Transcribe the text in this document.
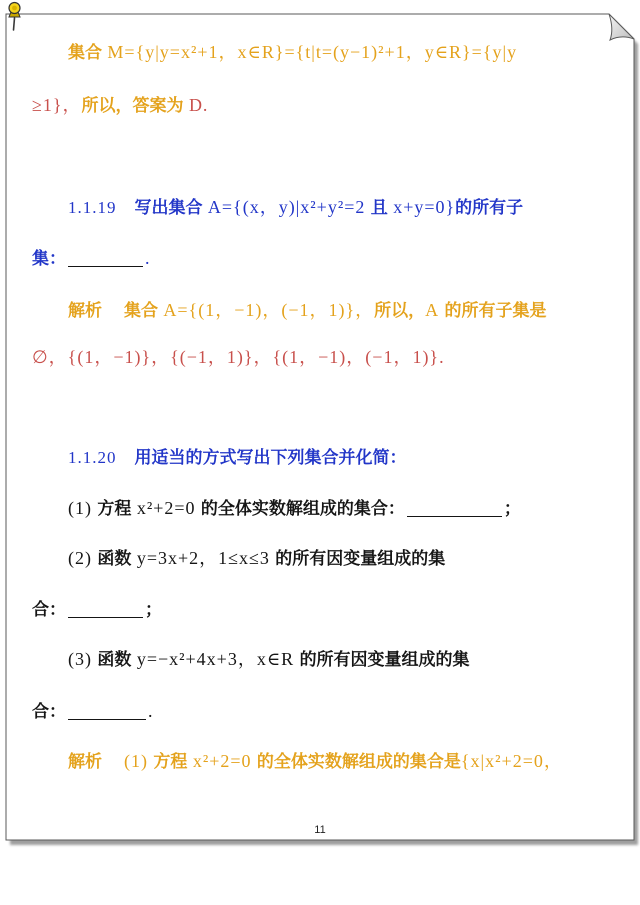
集合 M={y|y=x²+1，x∈R}={t|t=(y−1)²+1，y∈R}={y|y
≥1}，所以，答案为 D.
1.1.19 写出集合 A={(x，y)|x²+y²=2 且 x+y=0}的所有子
集：	.
解析 集合 A={(1，−1)，(−1，1)}，所以，A 的所有子集是
∅，{(1，−1)}，{(−1，1)}，{(1，−1)，(−1，1)}.
1.1.20 用适当的方式写出下列集合并化简：
(1) 方程 x²+2=0 的全体实数解组成的集合：	；
(2) 函数 y=3x+2，1≤x≤3 的所有因变量组成的集
合：	；
(3) 函数 y=−x²+4x+3，x∈R 的所有因变量组成的集
合：	.
解析 (1) 方程 x²+2=0 的全体实数解组成的集合是{x|x²+2=0，
11
